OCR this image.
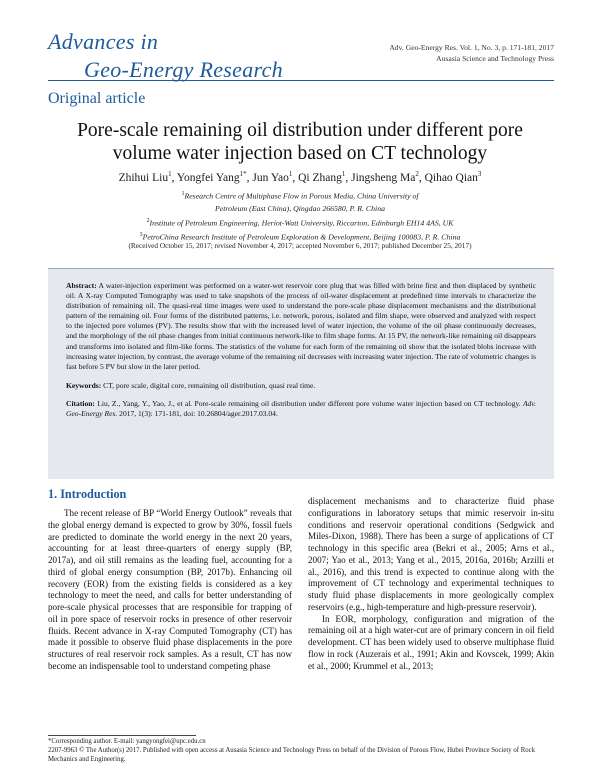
Advances in
Geo-Energy Research
Adv. Geo-Energy Res. Vol. 1, No. 3, p. 171-181, 2017
Ausasia Science and Technology Press
Original article
Pore-scale remaining oil distribution under different pore volume water injection based on CT technology
Zhihui Liu$^1$, Yongfei Yang$^{1*}$, Jun Yao$^1$, Qi Zhang$^1$, Jingsheng Ma$^2$, Qihao Qian$^3$
$^1$Research Centre of Multiphase Flow in Porous Media, China University of
Petroleum (East China), Qingdao 266580, P. R. China
$^2$Institute of Petroleum Engineering, Heriot-Watt University, Riccarton, Edinburgh EH14 4AS, UK
$^3$PetroChina Research Institute of Petroleum Exploration & Development, Beijing 100083, P. R. China
(Received October 15, 2017; revised November 4, 2017; accepted November 6, 2017; published December 25, 2017)

Abstract: A water-injection experiment was performed on a water-wet reservoir core plug that was filled with brine first and then displaced by synthetic oil. A X-ray Computed Tomography was used to take snapshots of the process of oil-water displacement at predefined time intervals to characterize the distribution of remaining oil. The quasi-real time images were used to understand the pore-scale phase displacement mechanisms and the distributional pattern of the remaining oil. Four forms of the distributed patterns, i.e. network, porous, isolated and film shape, were observed and analyzed with respect to the injected pore volumes (PV). The results show that with the increased level of water injection, the volume of the oil phase continuously decreases, and the morphology of the oil phase changes from initial continuous network-like to film shape forms. At 15 PV, the network-like remaining oil disappears and transforms into isolated and film-like forms. The statistics of the volume for each form of the remaining oil show that the isolated blobs increase with increasing water injection, by contrast, the average volume of the remaining oil decreases with increasing water injection. The rate of volumetric changes is fast before 5 PV but slow in the later period.

Keywords: CT, pore scale, digital core, remaining oil distribution, quasi real time.

Citation: Liu, Z., Yang, Y., Yao, J., et al. Pore-scale remaining oil distribution under different pore volume water injection based on CT technology. Adv. Geo-Energy Res. 2017, 1(3): 171-181, doi: 10.26804/ager.2017.03.04.

1. Introduction

The recent release of BP “World Energy Outlook” reveals that the global energy demand is expected to grow by 30%, fossil fuels are predicted to dominate the world energy in the next 20 years, accounting for at least three-quarters of energy supply (BP, 2017a), and oil still remains as the leading fuel, accounting for a third of global energy consumption (BP, 2017b). Enhancing oil recovery (EOR) from the existing fields is considered as a key technology to meet the need, and calls for better understanding of pore-scale physical processes that are responsible for trapping of oil in pore space of reservoir rocks in presence of other reservoir fluids. Recent advance in X-ray Computed Tomography (CT) has made it possible to observe fluid phase displacements in the pore structures of real reservoir rock samples. As a result, CT has now become an indispensable tool to understand competing phase

displacement mechanisms and to characterize fluid phase configurations in laboratory setups that mimic reservoir in-situ conditions and reservoir operational conditions (Sedgwick and Miles-Dixon, 1988). There has been a surge of applications of CT technology in this specific area (Bekri et al., 2005; Arns et al., 2007; Yao et al., 2013; Yang et al., 2015, 2016a, 2016b; Arzilli et al., 2016), and this trend is expected to continue along with the improvement of CT technology and experimental techniques to study fluid phase displacements in more geologically complex reservoirs (e.g., high-temperature and high-pressure reservoir).

In EOR, morphology, configuration and migration of the remaining oil at a high water-cut are of primary concern in oil field development. CT has been widely used to observe multiphase fluid flow in rock (Auzerais et al., 1991; Akin and Kovscek, 1999; Akin et al., 2000; Krummel et al., 2013;

*Corresponding author. E-mail: yangyongfei@upc.edu.cn

2207-9963 © The Author(s) 2017. Published with open access at Ausasia Science and Technology Press on behalf of the Division of Porous Flow, Hubei Province Society of Rock Mechanics and Engineering.
